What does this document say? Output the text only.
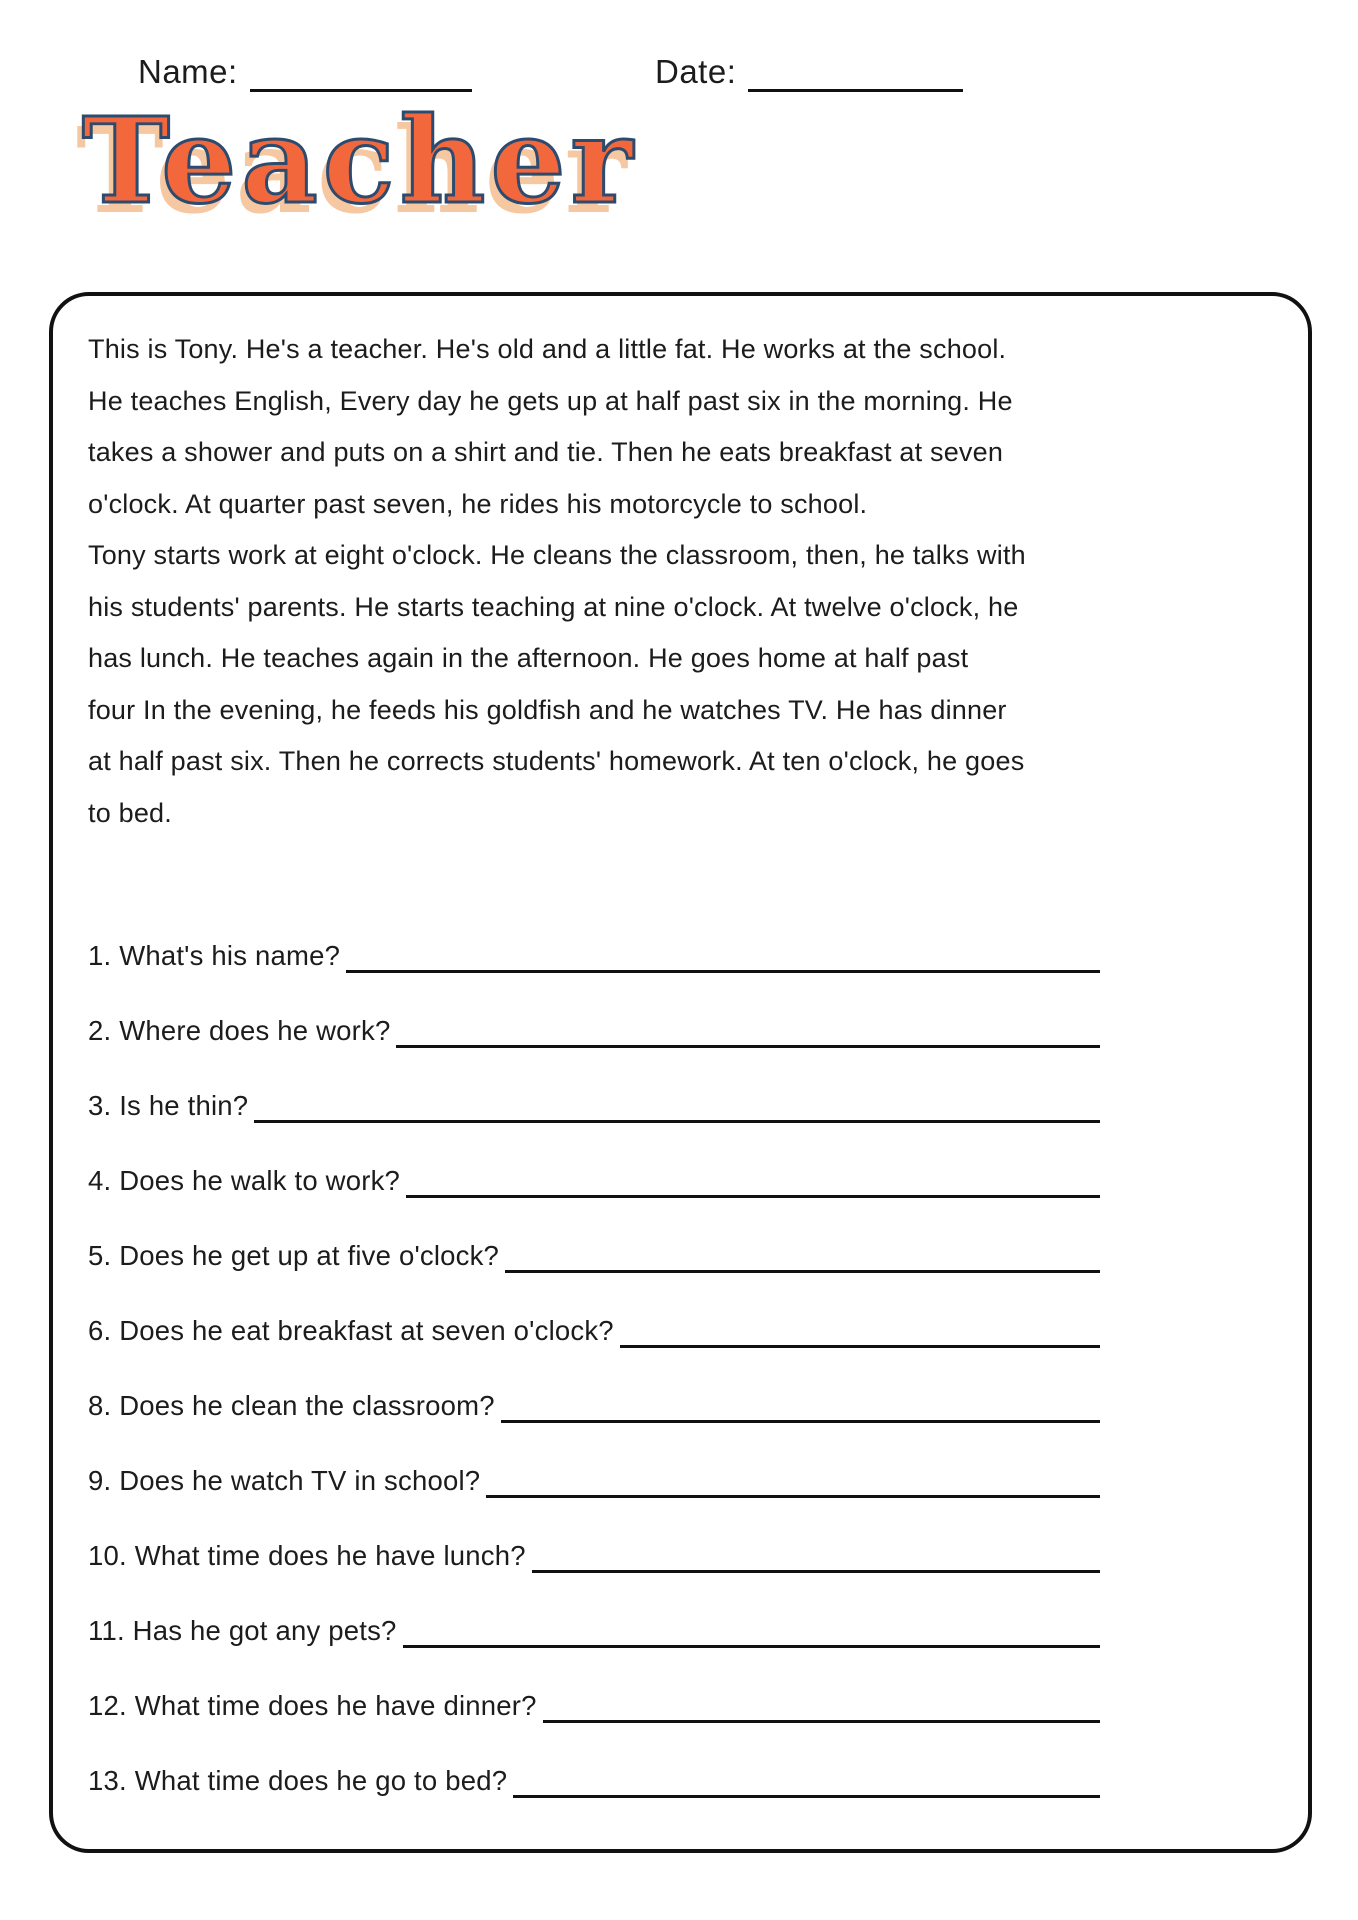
Name:	Date:
Teacher
This is Tony. He's a teacher. He's old and a little fat. He works at the school.
He teaches English, Every day he gets up at half past six in the morning. He
takes a shower and puts on a shirt and tie. Then he eats breakfast at seven
o'clock. At quarter past seven, he rides his motorcycle to school.
Tony starts work at eight o'clock. He cleans the classroom, then, he talks with
his students' parents. He starts teaching at nine o'clock. At twelve o'clock, he
has lunch. He teaches again in the afternoon. He goes home at half past
four In the evening, he feeds his goldfish and he watches TV. He has dinner
at half past six. Then he corrects students' homework. At ten o'clock, he goes
to bed.
1. What's his name?
2. Where does he work?
3. Is he thin?
4. Does he walk to work?
5. Does he get up at five o'clock?
6. Does he eat breakfast at seven o'clock?
8. Does he clean the classroom?
9. Does he watch TV in school?
10. What time does he have lunch?
11. Has he got any pets?
12. What time does he have dinner?
13. What time does he go to bed?
